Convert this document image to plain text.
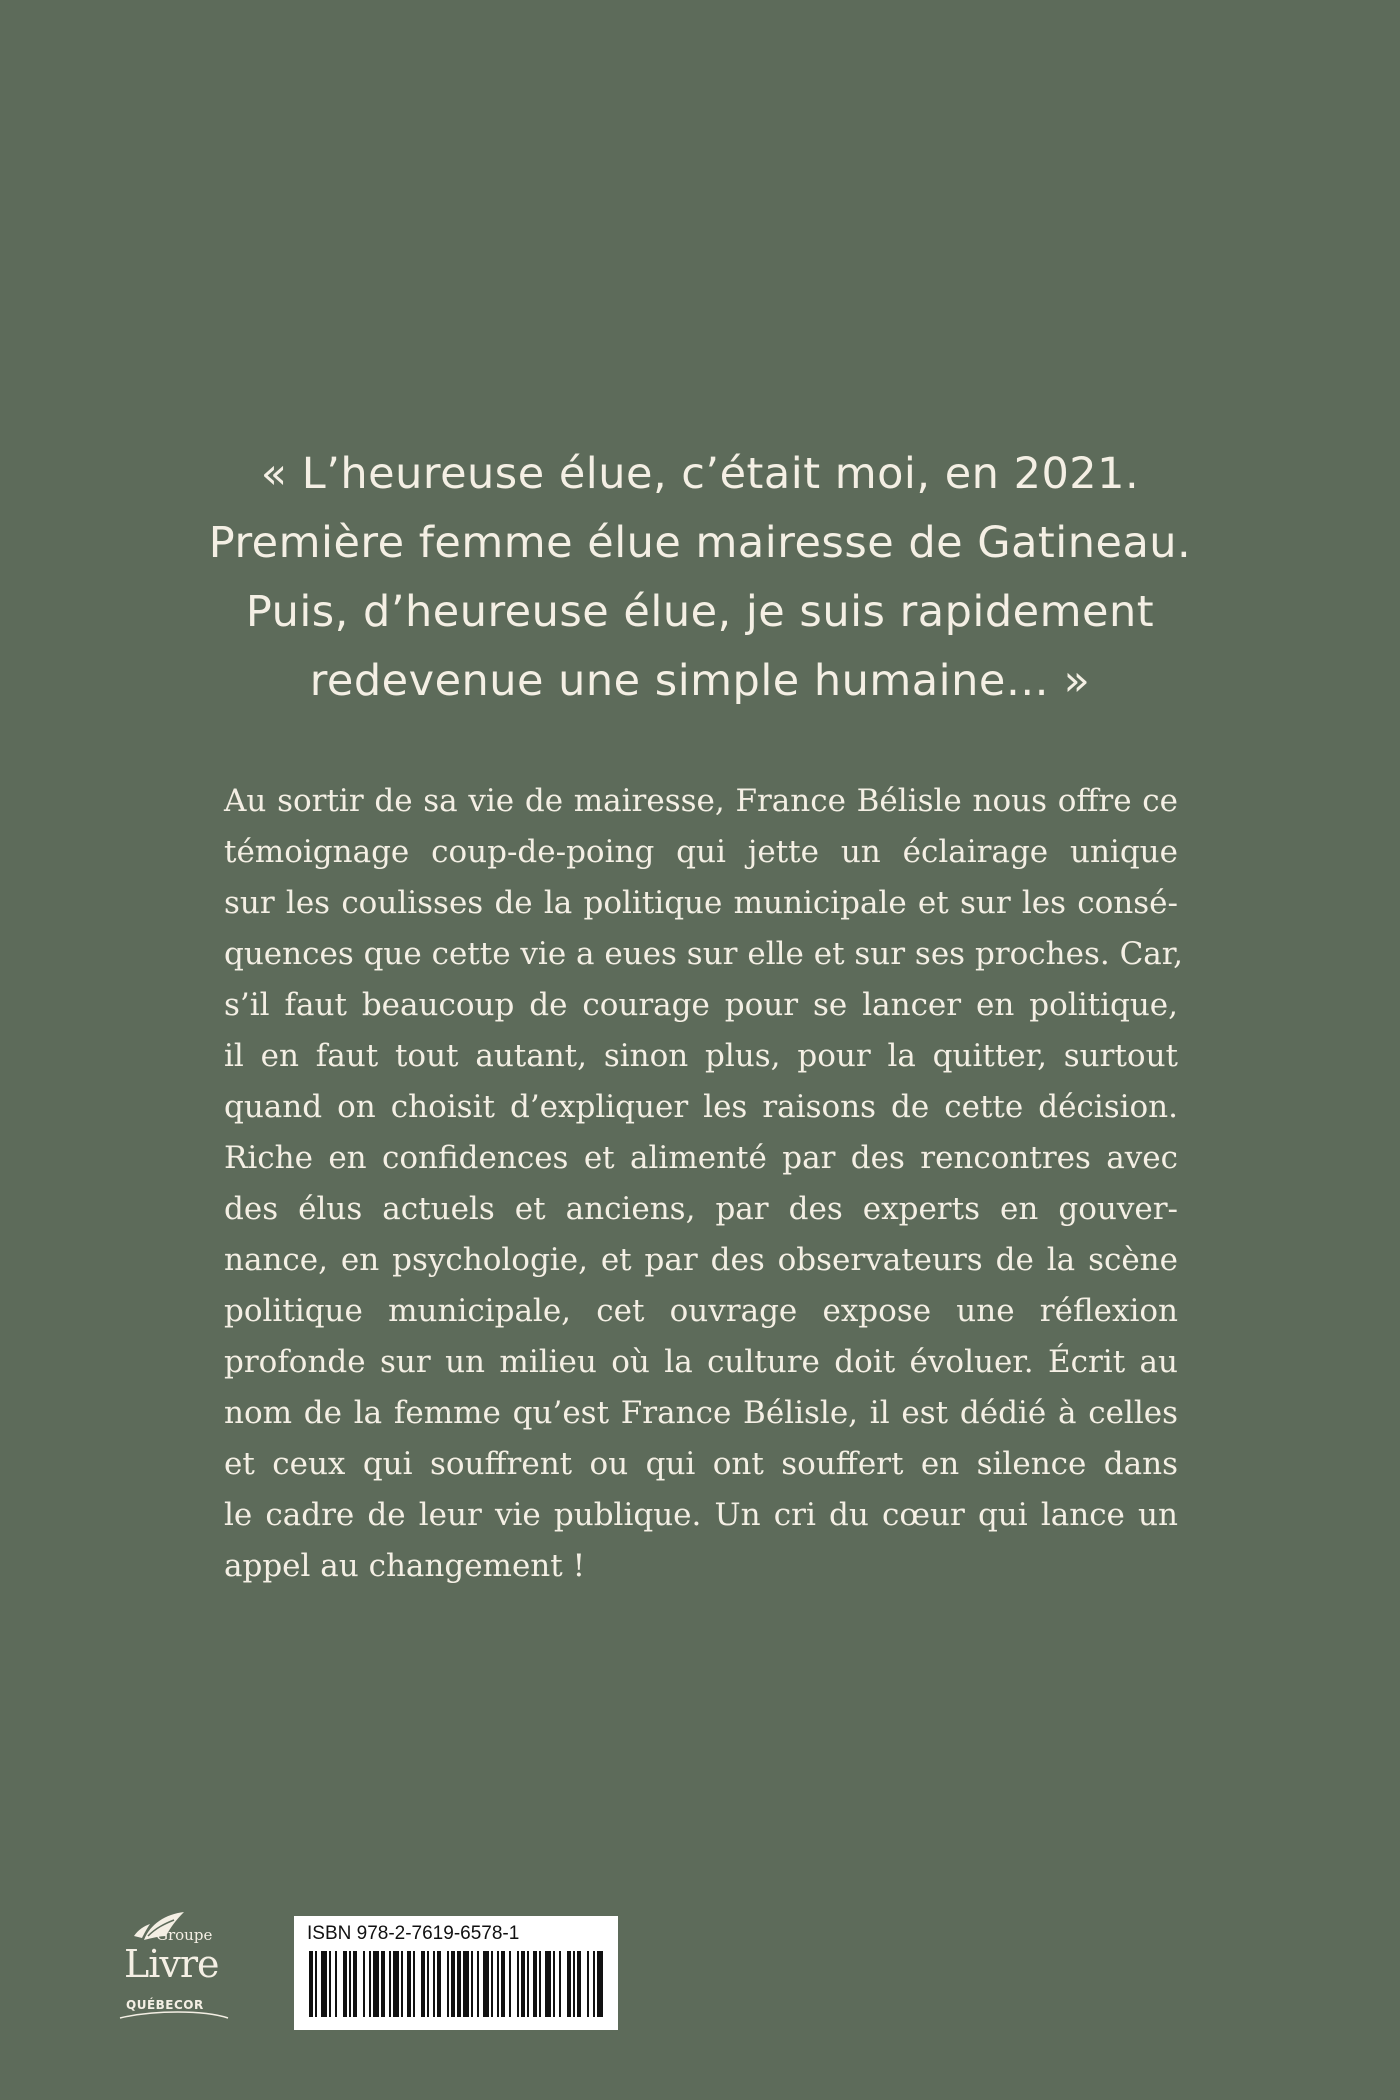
« L’heureuse élue, c’était moi, en 2021.
Première femme élue mairesse de Gatineau.
Puis, d’heureuse élue, je suis rapidement
redevenue une simple humaine… »
Au sortir de sa vie de mairesse, France Bélisle nous offre ce
témoignage coup-de-poing qui jette un éclairage unique
sur les coulisses de la politique municipale et sur les consé-
quences que cette vie a eues sur elle et sur ses proches. Car,
s’il faut beaucoup de courage pour se lancer en politique,
il en faut tout autant, sinon plus, pour la quitter, surtout
quand on choisit d’expliquer les raisons de cette décision.
Riche en confidences et alimenté par des rencontres avec
des élus actuels et anciens, par des experts en gouver-
nance, en psychologie, et par des observateurs de la scène
politique municipale, cet ouvrage expose une réflexion
profonde sur un milieu où la culture doit évoluer. Écrit au
nom de la femme qu’est France Bélisle, il est dédié à celles
et ceux qui souffrent ou qui ont souffert en silence dans
le cadre de leur vie publique. Un cri du cœur qui lance un
appel au changement !
Groupe
Livre
QUÉBECOR
ISBN 978-2-7619-6578-1
